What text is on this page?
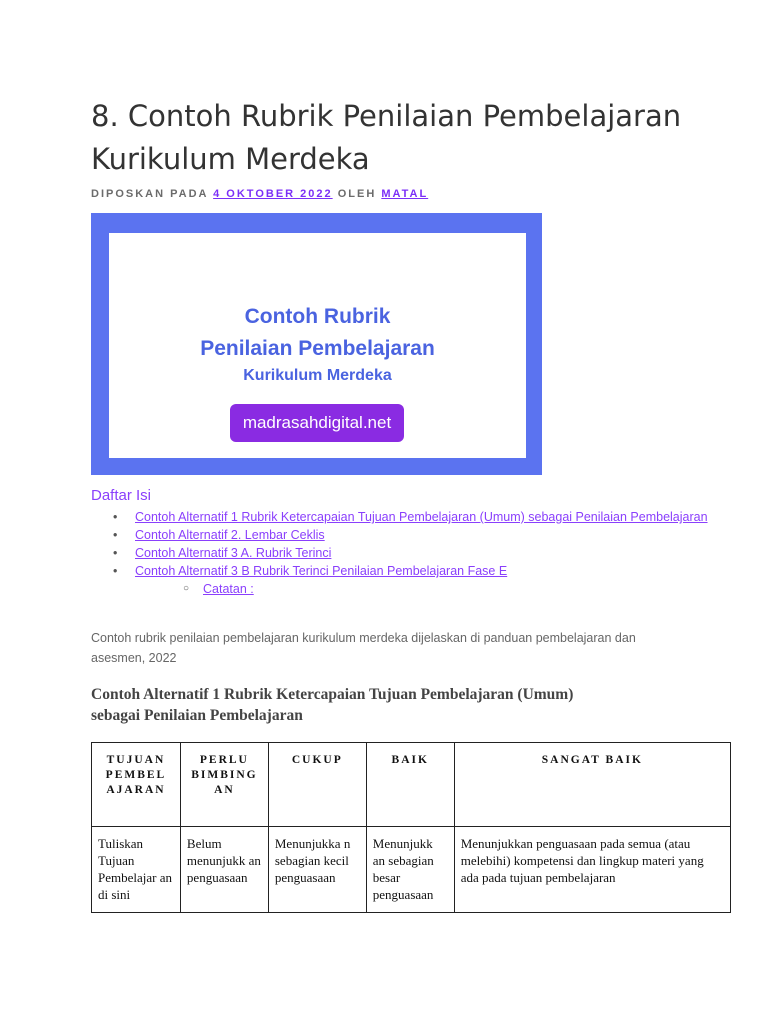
8. Contoh Rubrik Penilaian Pembelajaran Kurikulum Merdeka
DIPOSKAN PADA 4 OKTOBER 2022 OLEH MATAL
Contoh Rubrik
Penilaian Pembelajaran
Kurikulum Merdeka
madrasahdigital.net
Daftar Isi
• Contoh Alternatif 1 Rubrik Ketercapaian Tujuan Pembelajaran (Umum) sebagai Penilaian Pembelajaran
• Contoh Alternatif 2. Lembar Ceklis
• Contoh Alternatif 3 A. Rubrik Terinci
• Contoh Alternatif 3 B Rubrik Terinci Penilaian Pembelajaran Fase E
○ Catatan :

Contoh rubrik penilaian pembelajaran kurikulum merdeka dijelaskan di panduan pembelajaran dan asesmen, 2022

Contoh Alternatif 1 Rubrik Ketercapaian Tujuan Pembelajaran (Umum) sebagai Penilaian Pembelajaran
TUJUAN PEMBEL AJARAN	PERLU BIMBING AN	CUKUP	BAIK	SANGAT BAIK
Tuliskan Tujuan Pembelajar an di sini	Belum menunjukk an penguasaan	Menunjukka n sebagian kecil penguasaan	Menunjukk an sebagian besar penguasaan	Menunjukkan penguasaan pada semua (atau melebihi) kompetensi dan lingkup materi yang ada pada tujuan pembelajaran
